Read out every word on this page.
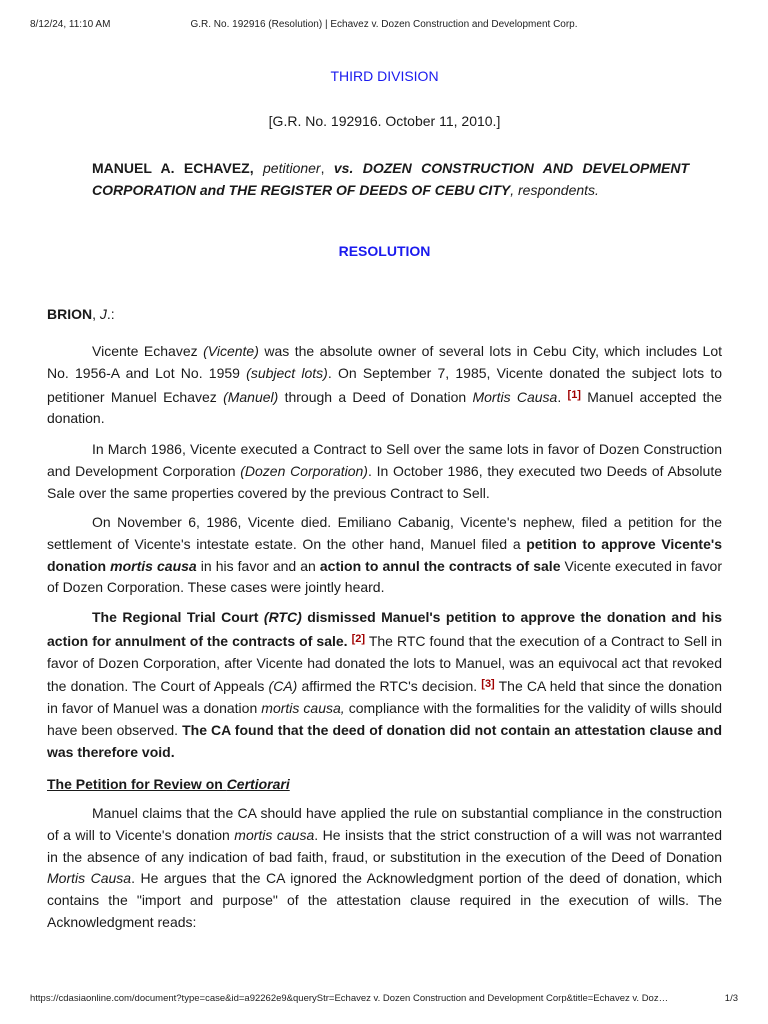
8/12/24, 11:10 AM	G.R. No. 192916 (Resolution) | Echavez v. Dozen Construction and Development Corp.
THIRD DIVISION
[G.R. No. 192916. October 11, 2010.]
MANUEL A. ECHAVEZ, petitioner, vs. DOZEN CONSTRUCTION AND DEVELOPMENT CORPORATION and THE REGISTER OF DEEDS OF CEBU CITY, respondents.
RESOLUTION
BRION, J.:
Vicente Echavez (Vicente) was the absolute owner of several lots in Cebu City, which includes Lot No. 1956-A and Lot No. 1959 (subject lots). On September 7, 1985, Vicente donated the subject lots to petitioner Manuel Echavez (Manuel) through a Deed of Donation Mortis Causa. [1] Manuel accepted the donation.
In March 1986, Vicente executed a Contract to Sell over the same lots in favor of Dozen Construction and Development Corporation (Dozen Corporation). In October 1986, they executed two Deeds of Absolute Sale over the same properties covered by the previous Contract to Sell.
On November 6, 1986, Vicente died. Emiliano Cabanig, Vicente's nephew, filed a petition for the settlement of Vicente's intestate estate. On the other hand, Manuel filed a petition to approve Vicente's donation mortis causa in his favor and an action to annul the contracts of sale Vicente executed in favor of Dozen Corporation. These cases were jointly heard.
The Regional Trial Court (RTC) dismissed Manuel's petition to approve the donation and his action for annulment of the contracts of sale. [2] The RTC found that the execution of a Contract to Sell in favor of Dozen Corporation, after Vicente had donated the lots to Manuel, was an equivocal act that revoked the donation. The Court of Appeals (CA) affirmed the RTC's decision. [3] The CA held that since the donation in favor of Manuel was a donation mortis causa, compliance with the formalities for the validity of wills should have been observed. The CA found that the deed of donation did not contain an attestation clause and was therefore void.
The Petition for Review on Certiorari
Manuel claims that the CA should have applied the rule on substantial compliance in the construction of a will to Vicente's donation mortis causa. He insists that the strict construction of a will was not warranted in the absence of any indication of bad faith, fraud, or substitution in the execution of the Deed of Donation Mortis Causa. He argues that the CA ignored the Acknowledgment portion of the deed of donation, which contains the "import and purpose" of the attestation clause required in the execution of wills. The Acknowledgment reads:
https://cdasiaonline.com/document?type=case&id=a92262e9&queryStr=Echavez v. Dozen Construction and Development Corp&title=Echavez v. Doz…	1/3
